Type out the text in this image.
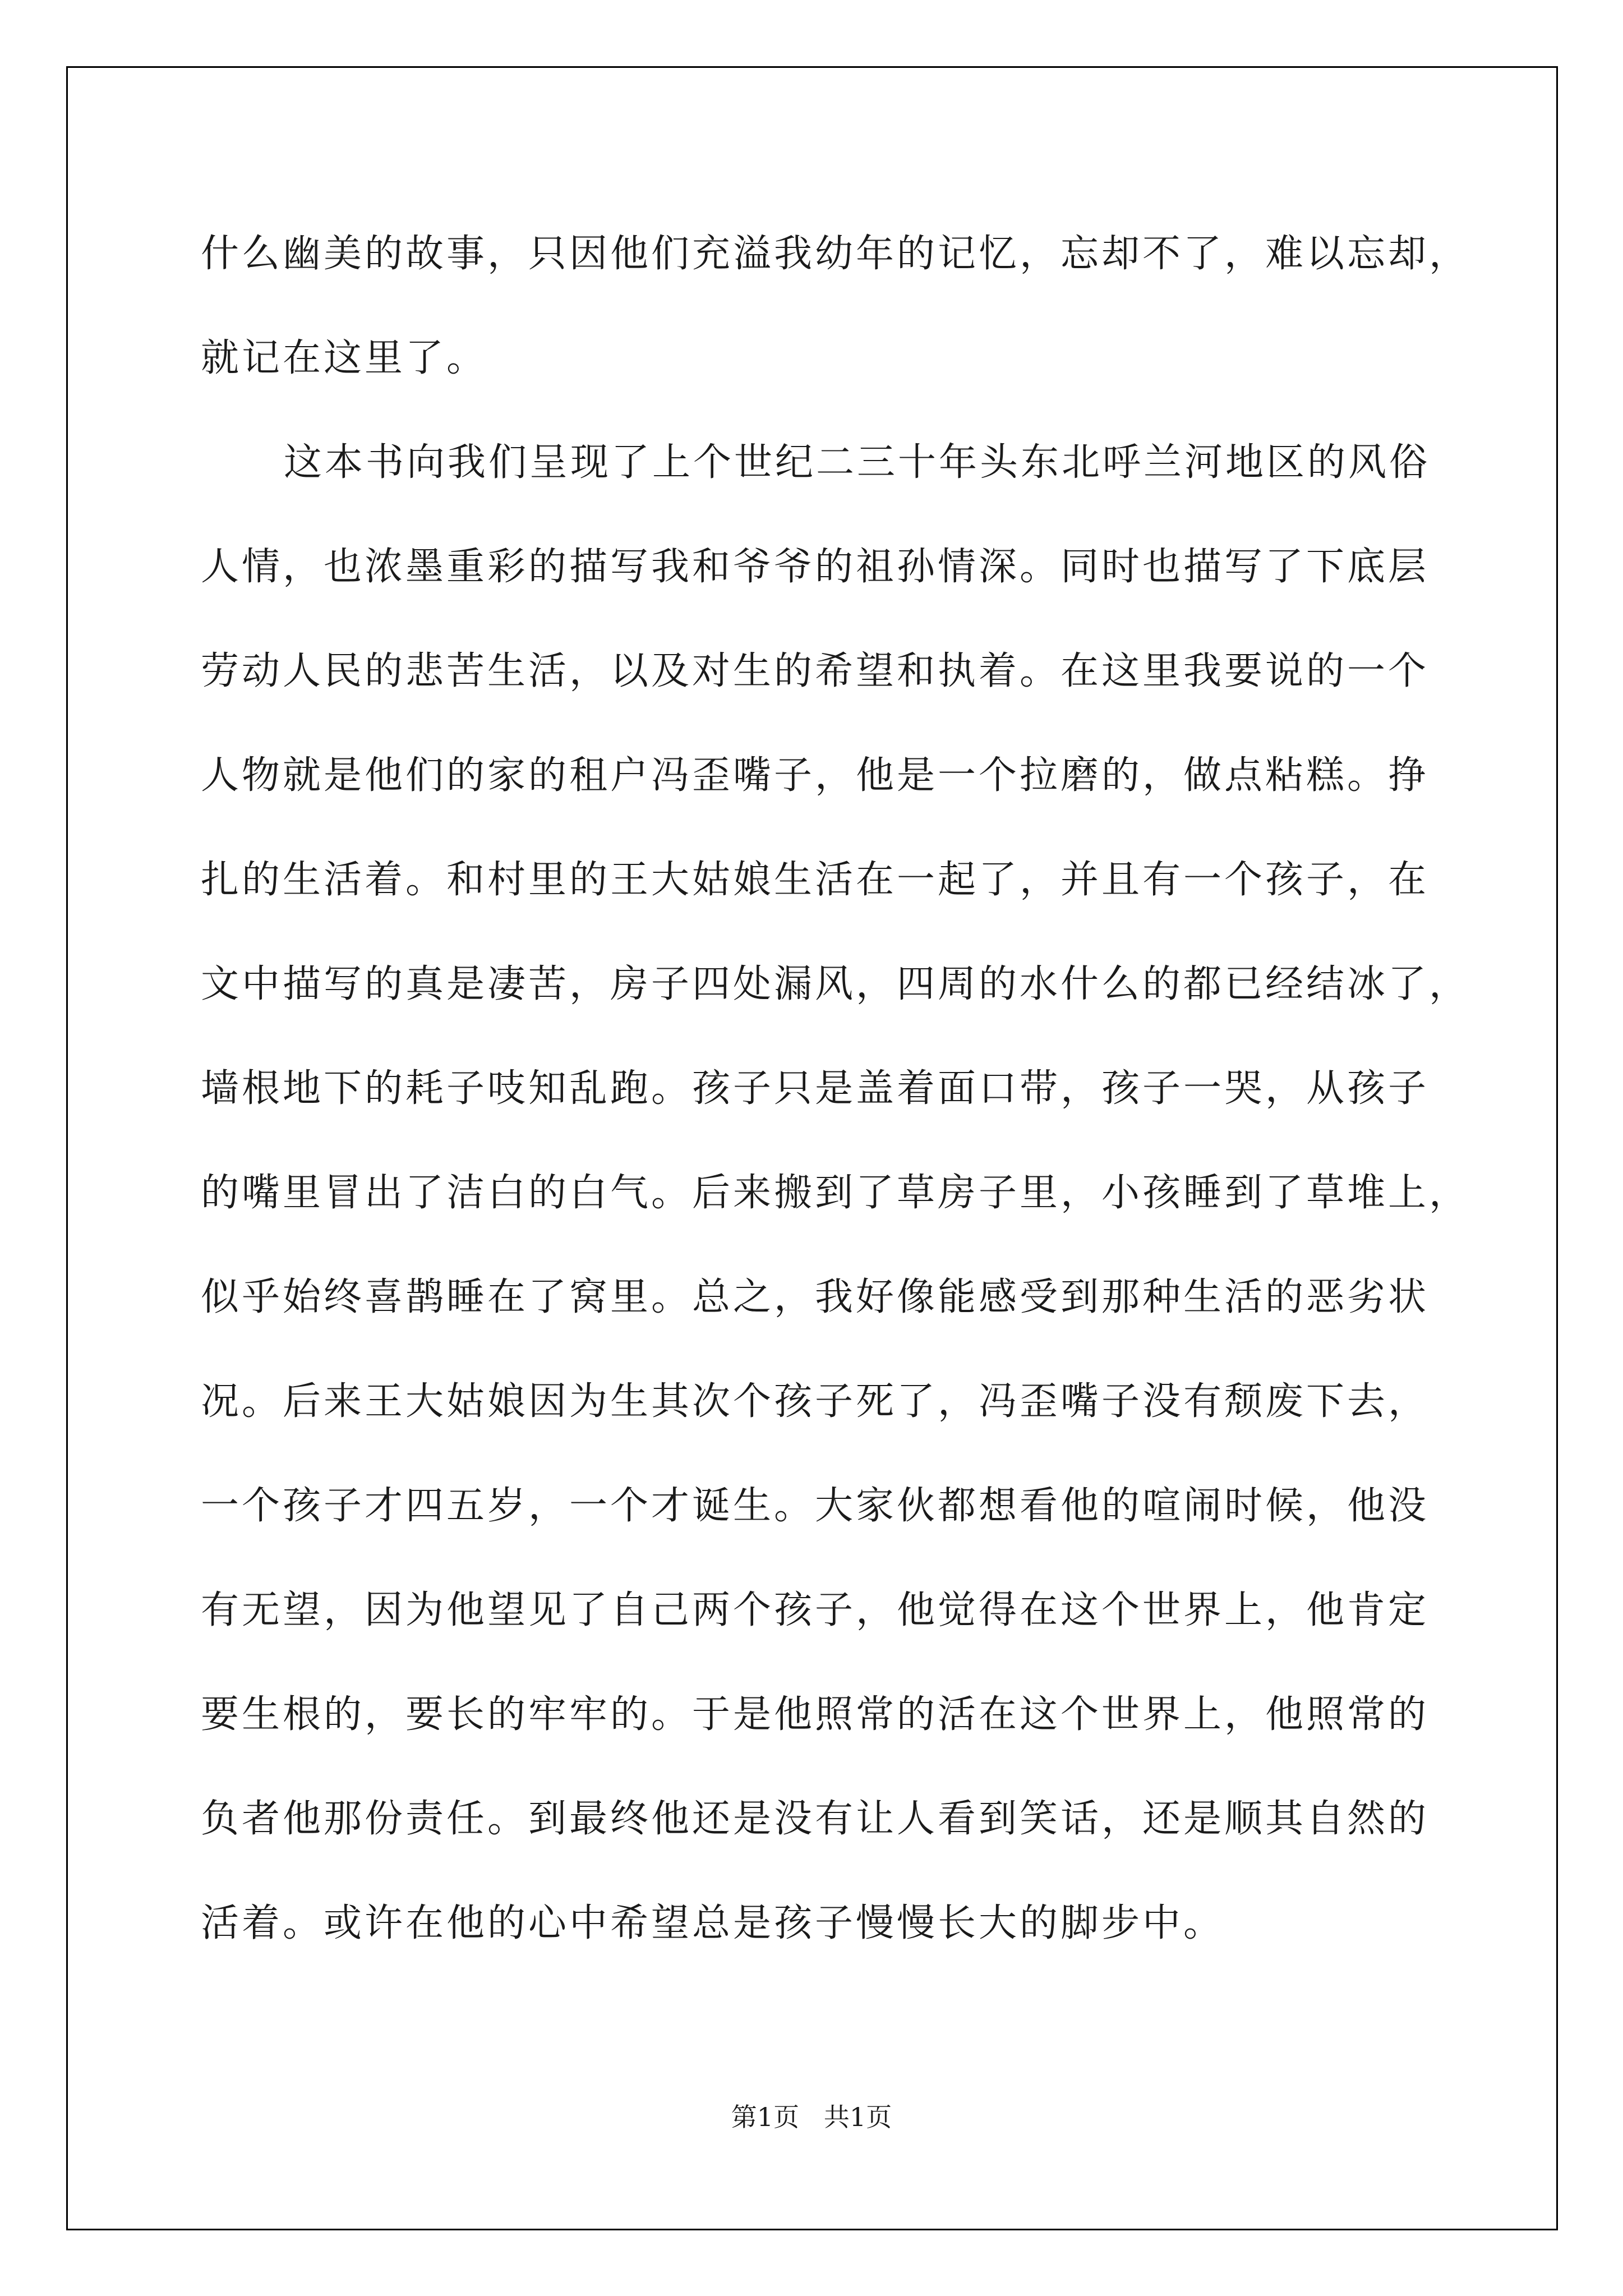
什么幽美的故事，只因他们充溢我幼年的记忆，忘却不了，难以忘却，
就记在这里了。
这本书向我们呈现了上个世纪二三十年头东北呼兰河地区的风俗
人情，也浓墨重彩的描写我和爷爷的祖孙情深。同时也描写了下底层
劳动人民的悲苦生活，以及对生的希望和执着。在这里我要说的一个
人物就是他们的家的租户冯歪嘴子，他是一个拉磨的，做点粘糕。挣
扎的生活着。和村里的王大姑娘生活在一起了，并且有一个孩子，在
文中描写的真是凄苦，房子四处漏风，四周的水什么的都已经结冰了，
墙根地下的耗子吱知乱跑。孩子只是盖着面口带，孩子一哭，从孩子
的嘴里冒出了洁白的白气。后来搬到了草房子里，小孩睡到了草堆上，
似乎始终喜鹊睡在了窝里。总之，我好像能感受到那种生活的恶劣状
况。后来王大姑娘因为生其次个孩子死了，冯歪嘴子没有颓废下去，
一个孩子才四五岁，一个才诞生。大家伙都想看他的喧闹时候，他没
有无望，因为他望见了自己两个孩子，他觉得在这个世界上，他肯定
要生根的，要长的牢牢的。于是他照常的活在这个世界上，他照常的
负者他那份责任。到最终他还是没有让人看到笑话，还是顺其自然的
活着。或许在他的心中希望总是孩子慢慢长大的脚步中。
第1页   共1页
